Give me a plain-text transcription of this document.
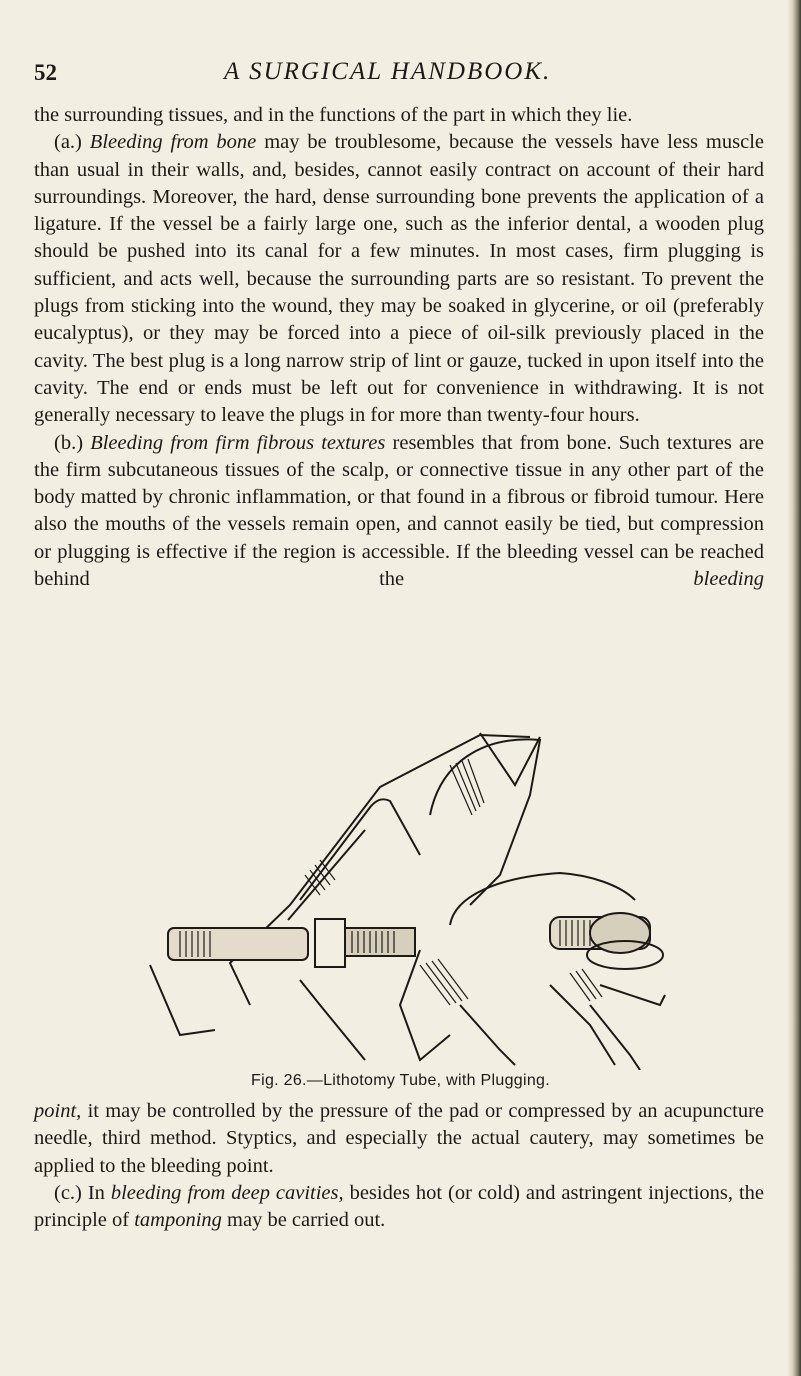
52	A SURGICAL HANDBOOK.

the surrounding tissues, and in the functions of the part in which they lie.

(a.) Bleeding from bone may be troublesome, because the vessels have less muscle than usual in their walls, and, besides, cannot easily contract on account of their hard surroundings. Moreover, the hard, dense surrounding bone prevents the application of a ligature. If the vessel be a fairly large one, such as the inferior dental, a wooden plug should be pushed into its canal for a few minutes. In most cases, firm plugging is sufficient, and acts well, because the surrounding parts are so resistant. To prevent the plugs from sticking into the wound, they may be soaked in glycerine, or oil (preferably eucalyptus), or they may be forced into a piece of oil-silk previously placed in the cavity. The best plug is a long narrow strip of lint or gauze, tucked in upon itself into the cavity. The end or ends must be left out for convenience in withdrawing. It is not generally necessary to leave the plugs in for more than twenty-four hours.

(b.) Bleeding from firm fibrous textures resembles that from bone. Such textures are the firm subcutaneous tissues of the scalp, or connective tissue in any other part of the body matted by chronic inflammation, or that found in a fibrous or fibroid tumour. Here also the mouths of the vessels remain open, and cannot easily be tied, but compression or plugging is effective if the region is accessible. If the bleeding vessel can be reached behind the	bleeding

Fig. 26.—Lithotomy Tube, with Plugging.

point, it may be controlled by the pressure of the pad or compressed by an acupuncture needle, third method. Styptics, and especially the actual cautery, may sometimes be applied to the bleeding point.

(c.) In bleeding from deep cavities, besides hot (or cold) and astringent injections, the principle of tamponing may be carried out.
